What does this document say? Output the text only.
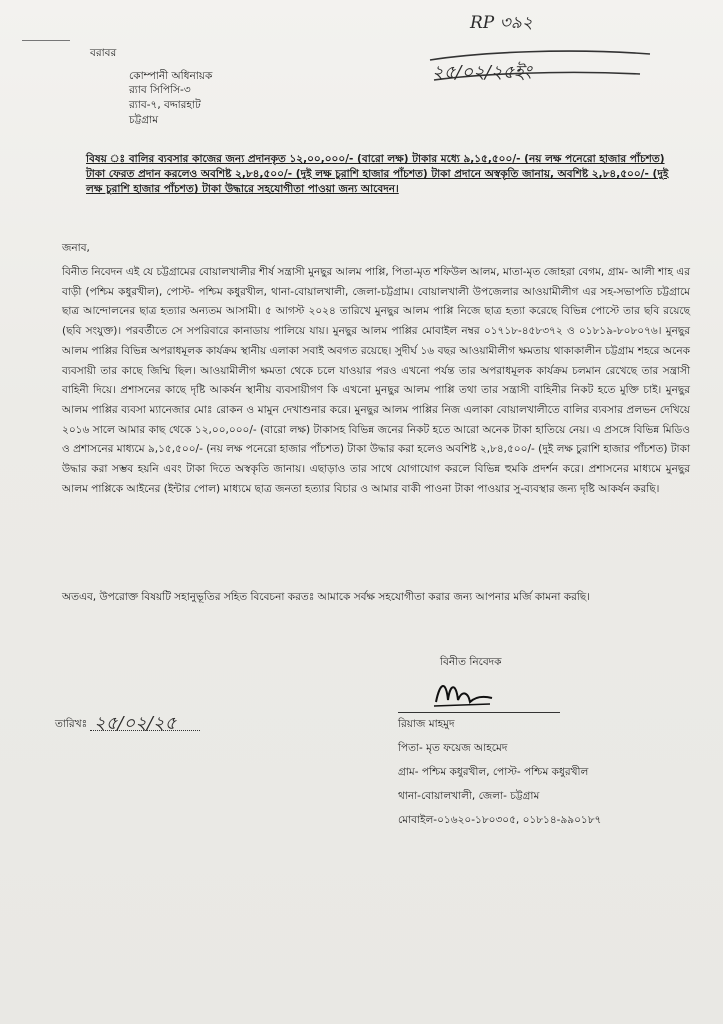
RP ৩৯২
২৫/০২/২৫ইং
বরাবর
কোম্পানী অধিনায়ক
র‍্যাব সিপিসি-৩
র‍্যাব-৭, বদ্দারহাট
চট্টগ্রাম
বিষয় ঃ বালির ব্যবসার কাজের জন্য প্রদানকৃত ১২,০০,০০০/- (বারো লক্ষ) টাকার মধ্যে ৯,১৫,৫০০/- (নয় লক্ষ পনেরো হাজার পাঁচশত) টাকা ফেরত প্রদান করলেও অবশিষ্ট ২,৮৪,৫০০/- (দুই লক্ষ চুরাশি হাজার পাঁচশত) টাকা প্রদানে অস্বকৃতি জানায়, অবশিষ্ট ২,৮৪,৫০০/- (দুই লক্ষ চুরাশি হাজার পাঁচশত) টাকা উদ্ধারে সহযোগীতা পাওয়া জন্য আবেদন।
জনাব,
বিনীত নিবেদন এই যে চট্টগ্রামের বোয়ালখালীর শীর্ষ সন্ত্রাসী মুনছুর আলম পাপ্পি, পিতা-মৃত শফিউল আলম, মাতা-মৃত জোহরা বেগম, গ্রাম- আলী শাহ এর বাড়ী (পশ্চিম কধুরখীল), পোস্ট- পশ্চিম কধুরখীল, থানা-বোয়ালখালী, জেলা-চট্টগ্রাম। বোয়ালখালী উপজেলার আওয়ামীলীগ এর সহ-সভাপতি চট্টগ্রামে ছাত্র আন্দোলনের ছাত্র হত্যার অন্যতম আসামী। ৫ আগস্ট ২০২৪ তারিখে মুনছুর আলম পাপ্পি নিজে ছাত্র হত্যা করেছে বিভিন্ন পোস্টে তার ছবি রয়েছে (ছবি সংযুক্ত)। পরবর্তীতে সে সপরিবারে কানাডায় পালিয়ে যায়। মুনছুর আলম পাপ্পির মোবাইল নম্বর ০১৭১৮-৪৫৮৩৭২ ও ০১৮১৯-৮০৮০৭৬। মুনছুর আলম পাপ্পির বিভিন্ন অপরাধমূলক কার্যক্রম স্থানীয় এলাকা সবাই অবগত রয়েছে। সুদীর্ঘ ১৬ বছর আওয়ামীলীগ ক্ষমতায় থাকাকালীন চট্টগ্রাম শহরে অনেক ব্যবসায়ী তার কাছে জিম্মি ছিল। আওয়ামীলীগ ক্ষমতা থেকে চলে যাওয়ার পরও এখনো পর্যন্ত তার অপরাধমূলক কার্যক্রম চলমান রেখেছে তার সন্ত্রাসী বাহিনী দিয়ে। প্রশাসনের কাছে দৃষ্টি আকর্ষন স্থানীয় ব্যবসায়ীগণ কি এখনো মুনছুর আলম পাপ্পি তথা তার সন্ত্রাসী বাহিনীর নিকট হতে মুক্তি চাই। মুনছুর আলম পাপ্পির ব্যবসা ম্যানেজার মোঃ রোকন ও মামুন দেখাশুনার করে। মুনছুর আলম পাপ্পির নিজ এলাকা বোয়ালখালীতে বালির ব্যবসার প্রলভন দেখিয়ে ২০১৬ সালে আমার কাছ থেকে ১২,০০,০০০/- (বারো লক্ষ) টাকাসহ বিভিন্ন জনের নিকট হতে আরো অনেক টাকা হাতিয়ে নেয়। এ প্রসঙ্গে বিভিন্ন মিডিও ও প্রশাসনের মাধ্যমে ৯,১৫,৫০০/- (নয় লক্ষ পনেরো হাজার পাঁচশত) টাকা উদ্ধার করা হলেও অবশিষ্ট ২,৮৪,৫০০/- (দুই লক্ষ চুরাশি হাজার পাঁচশত) টাকা উদ্ধার করা সম্ভব হয়নি এবং টাকা দিতে অস্বকৃতি জানায়। এছাড়াও তার সাথে যোগাযোগ করলে বিভিন্ন হুমকি প্রদর্শন করে। প্রশাসনের মাধ্যমে মুনছুর আলম পাপ্পিকে আইনের (ইন্টার পোল) মাধ্যমে ছাত্র জনতা হত্যার বিচার ও আমার বাকী পাওনা টাকা পাওয়ার সু-ব্যবস্থার জন্য দৃষ্টি আকর্ষন করছি।
অতএব, উপরোক্ত বিষয়টি সহানুভূতির সহিত বিবেচনা করতঃ আমাকে সর্বক্ষ সহযোগীতা করার জন্য আপনার মর্জি কামনা করছি।
বিনীত নিবেদক
রিয়াজ মাহমুদ
পিতা- মৃত ফয়েজ আহমেদ
গ্রাম- পশ্চিম কধুরখীল, পোস্ট- পশ্চিম কধুরখীল
থানা-বোয়ালখালী, জেলা- চট্টগ্রাম
মোবাইল-০১৬২০-১৮০৩০৫, ০১৮১৪-৯৯০১৮৭
তারিখঃ ২৫/০২/২৫
